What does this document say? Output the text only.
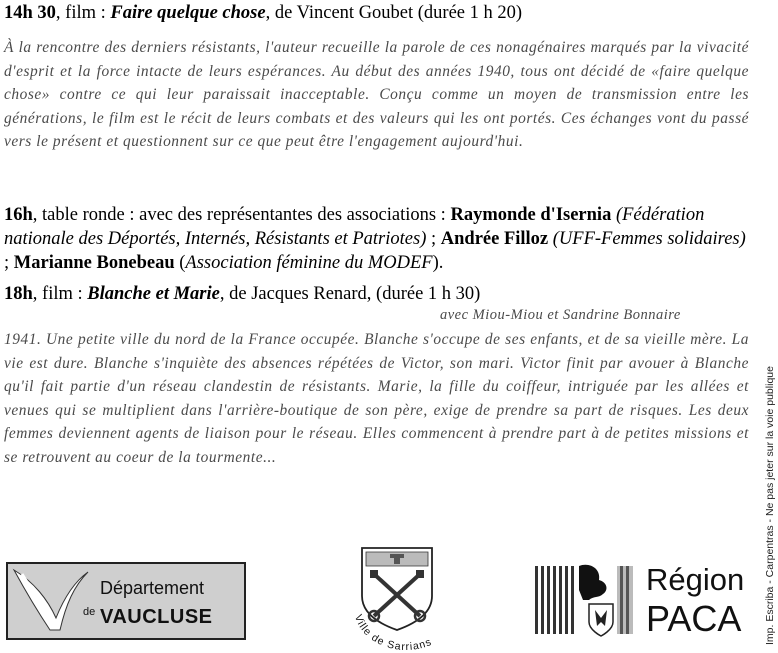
14h 30, film : Faire quelque chose, de Vincent Goubet (durée 1 h 20)
À la rencontre des derniers résistants, l'auteur recueille la parole de ces nonagénaires marqués par la vivacité d'esprit et la force intacte de leurs espérances. Au début des années 1940, tous ont décidé de «faire quelque chose» contre ce qui leur paraissait inacceptable. Conçu comme un moyen de transmission entre les générations, le film est le récit de leurs combats et des valeurs qui les ont portés. Ces échanges vont du passé vers le présent et questionnent sur ce que peut être l'engagement aujourd'hui.
16h, table ronde : avec des représentantes des associations : Raymonde d'Isernia (Fédération nationale des Déportés, Internés, Résistants et Patriotes) ; Andrée Filloz (UFF-Femmes solidaires) ; Marianne Bonebeau (Association féminine du MODEF).
18h, film : Blanche et Marie, de Jacques Renard, (durée 1 h 30)
avec Miou-Miou et Sandrine Bonnaire
1941. Une petite ville du nord de la France occupée. Blanche s'occupe de ses enfants, et de sa vieille mère. La vie est dure. Blanche s'inquiète des absences répétées de Victor, son mari. Victor finit par avouer à Blanche qu'il fait partie d'un réseau clandestin de résistants. Marie, la fille du coiffeur, intriguée par les allées et venues qui se multiplient dans l'arrière-boutique de son père, exige de prendre sa part de risques. Les deux femmes deviennent agents de liaison pour le réseau. Elles commencent à prendre part à de petites missions et se retrouvent au coeur de la tourmente...	Imp. Escriba - Carpentras - Ne pas jeter sur la voie publique
Département
de VAUCLUSE	Ville de Sarrians
Région
PACA
